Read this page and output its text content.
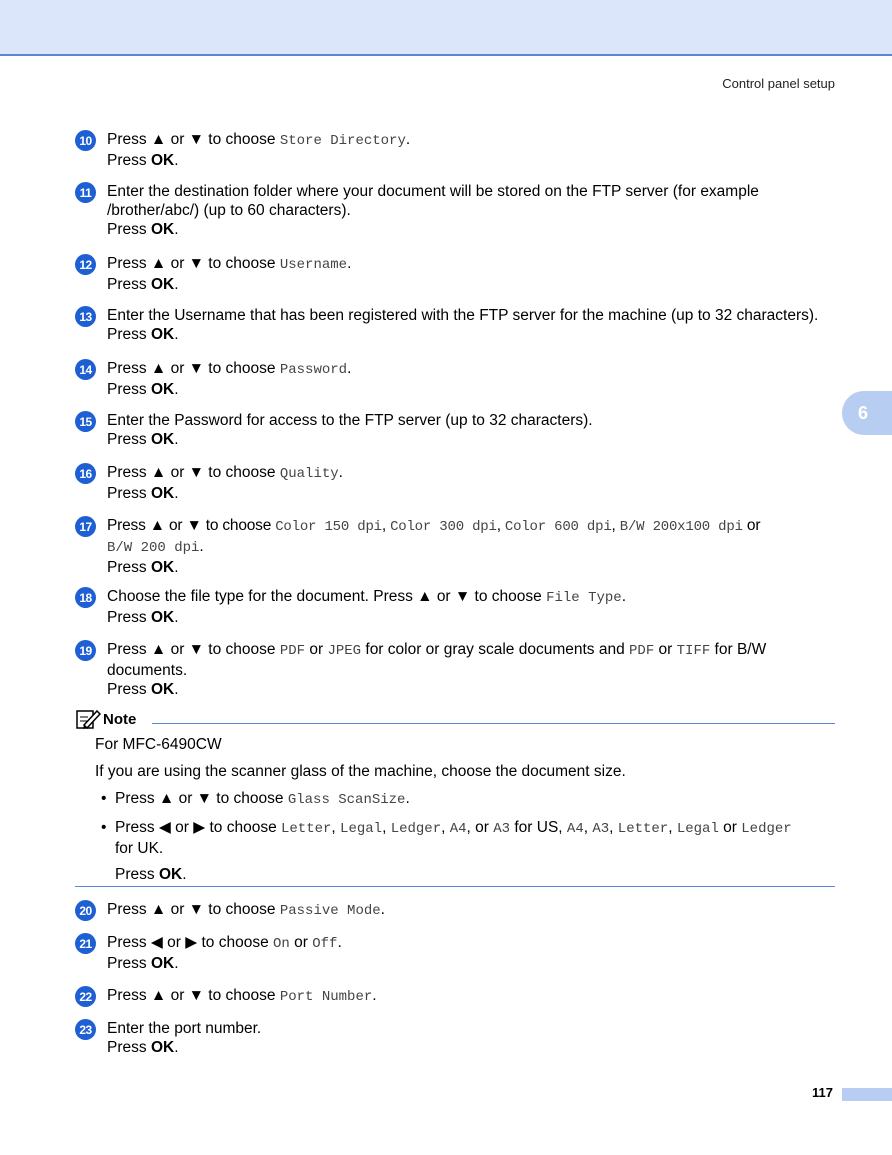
Control panel setup
6
10 Press ▲ or ▼ to choose Store Directory.
Press OK.
11	Enter the destination folder where your document will be stored on the FTP server (for example
/brother/abc/) (up to 60 characters).
Press OK.
12 Press ▲ or ▼ to choose Username.
Press OK.
13 Enter the Username that has been registered with the FTP server for the machine (up to 32 characters).
Press OK.
14 Press ▲ or ▼ to choose Password.
Press OK.
15 Enter the Password for access to the FTP server (up to 32 characters).
Press OK.
16 Press ▲ or ▼ to choose Quality.
Press OK.
17 Press ▲ or ▼ to choose Color 150 dpi, Color 300 dpi, Color 600 dpi, B/W 200x100 dpi or
B/W 200 dpi.
Press OK.
18 Choose the file type for the document. Press ▲ or ▼ to choose File Type.
Press OK.
19 Press ▲ or ▼ to choose PDF or JPEG for color or gray scale documents and PDF or TIFF for B/W
documents.
Press OK.
Note

For MFC-6490CW

If you are using the scanner glass of the machine, choose the document size.

• Press ▲ or ▼ to choose Glass ScanSize.
• Press ◀ or ▶ to choose Letter, Legal, Ledger, A4, or A3 for US, A4, A3, Letter, Legal or Ledger
for UK.

Press OK.

20 Press ▲ or ▼ to choose Passive Mode.
21 Press ◀ or ▶ to choose On or Off.
Press OK.
22 Press ▲ or ▼ to choose Port Number.
23 Enter the port number.
Press OK.
117
